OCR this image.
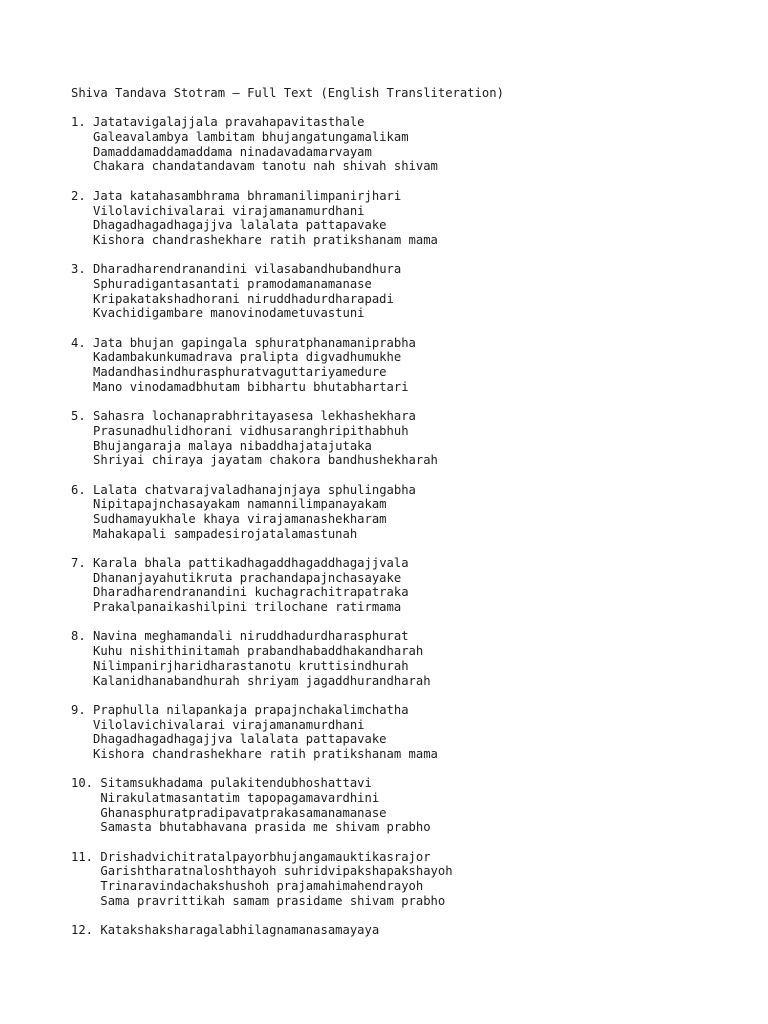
Shiva Tandava Stotram – Full Text (English Transliteration)
1. Jatatavigalajjala pravahapavitasthale
Galeavalambya lambitam bhujangatungamalikam
Damaddamaddamaddama ninadavadamarvayam
Chakara chandatandavam tanotu nah shivah shivam
2. Jata katahasambhrama bhramanilimpanirjhari
Vilolavichivalarai virajamanamurdhani
Dhagadhagadhagajjva lalalata pattapavake
Kishora chandrashekhare ratih pratikshanam mama
3. Dharadharendranandini vilasabandhubandhura
Sphuradigantasantati pramodamanamanase
Kripakatakshadhorani niruddhadurdharapadi
Kvachidigambare manovinodametuvastuni
4. Jata bhujan gapingala sphuratphanamaniprabha
Kadambakunkumadrava pralipta digvadhumukhe
Madandhasindhurasphuratvaguttariyamedure
Mano vinodamadbhutam bibhartu bhutabhartari
5. Sahasra lochanaprabhritayasesa lekhashekhara
Prasunadhulidhorani vidhusaranghripithabhuh
Bhujangaraja malaya nibaddhajatajutaka
Shriyai chiraya jayatam chakora bandhushekharah
6. Lalata chatvarajvaladhanajnjaya sphulingabha
Nipitapajnchasayakam namannilimpanayakam
Sudhamayukhale khaya virajamanashekharam
Mahakapali sampadesirojatalamastunah
7. Karala bhala pattikadhagaddhagaddhagajjvala
Dhananjayahutikruta prachandapajnchasayake
Dharadharendranandini kuchagrachitrapatraka
Prakalpanaikashilpini trilochane ratirmama
8. Navina meghamandali niruddhadurdharasphurat
Kuhu nishithinitamah prabandhabaddhakandharah
Nilimpanirjharidharastanotu kruttisindhurah
Kalanidhanabandhurah shriyam jagaddhurandharah
9. Praphulla nilapankaja prapajnchakalimchatha
Vilolavichivalarai virajamanamurdhani
Dhagadhagadhagajjva lalalata pattapavake
Kishora chandrashekhare ratih pratikshanam mama
10. Sitamsukhadama pulakitendubhoshattavi
Nirakulatmasantatim tapopagamavardhini
Ghanasphuratpradipavatprakasamanamanase
Samasta bhutabhavana prasida me shivam prabho
11. Drishadvichitratalpayorbhujangamauktikasrajor
Garishtharatnaloshthayoh suhridvipakshapakshayoh
Trinaravindachakshushoh prajamahimahendrayoh
Sama pravrittikah samam prasidame shivam prabho
12. Katakshaksharagalabhilagnamanasamayaya
